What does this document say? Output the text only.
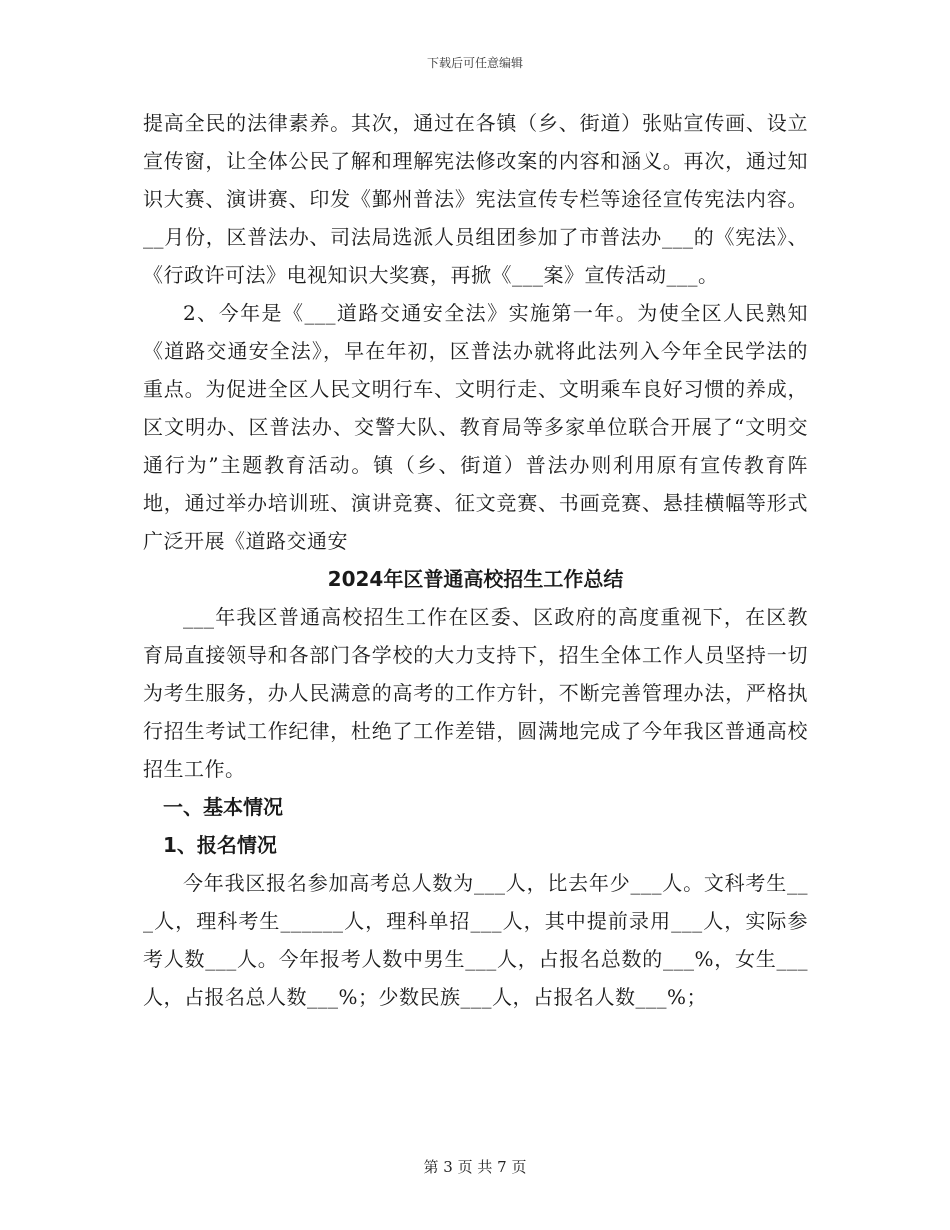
下载后可任意编辑

提高全民的法律素养。其次，通过在各镇（乡、街道）张贴宣传画、设立宣传窗，让全体公民了解和理解宪法修改案的内容和涵义。再次，通过知识大赛、演讲赛、印发《鄞州普法》宪法宣传专栏等途径宣传宪法内容。__月份，区普法办、司法局选派人员组团参加了市普法办___的《宪法》、《行政许可法》电视知识大奖赛，再掀《___案》宣传活动___。

2、今年是《___道路交通安全法》实施第一年。为使全区人民熟知《道路交通安全法》，早在年初，区普法办就将此法列入今年全民学法的重点。为促进全区人民文明行车、文明行走、文明乘车良好习惯的养成，区文明办、区普法办、交警大队、教育局等多家单位联合开展了“文明交通行为”主题教育活动。镇（乡、街道）普法办则利用原有宣传教育阵地，通过举办培训班、演讲竞赛、征文竞赛、书画竞赛、悬挂横幅等形式广泛开展《道路交通安

2024年区普通高校招生工作总结

___年我区普通高校招生工作在区委、区政府的高度重视下，在区教育局直接领导和各部门各学校的大力支持下，招生全体工作人员坚持一切为考生服务，办人民满意的高考的工作方针，不断完善管理办法，严格执行招生考试工作纪律，杜绝了工作差错，圆满地完成了今年我区普通高校招生工作。

一、基本情况

1、报名情况

今年我区报名参加高考总人数为___人，比去年少___人。文科考生___人，理科考生______人，理科单招___人，其中提前录用___人，实际参考人数___人。今年报考人数中男生___人，占报名总数的___%，女生___人，占报名总人数___%；少数民族___人，占报名人数___%；

第 3 页 共 7 页
